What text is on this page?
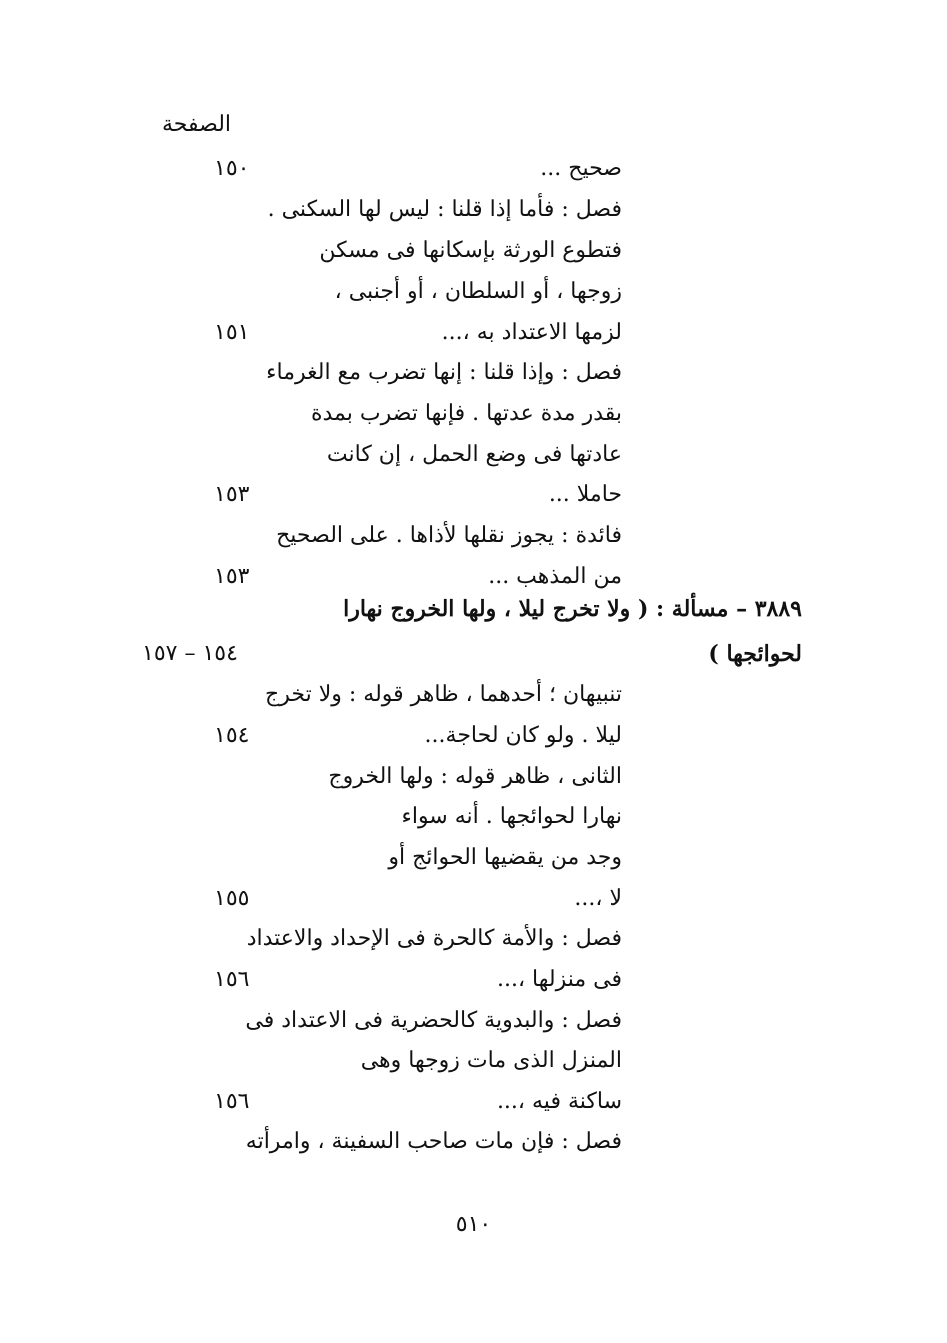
الصفحة
صحيح ...
١٥٠
فصل : فأما إذا قلنا : ليس لها السكنى .
فتطوع الورثة بإسكانها فى مسكن
زوجها ، أو السلطان ، أو أجنبى ،
لزمها الاعتداد به ،...
١٥١
فصل : وإذا قلنا : إنها تضرب مع الغرماء
بقدر مدة عدتها . فإنها تضرب بمدة
عادتها فى وضع الحمل ، إن كانت
حاملا ...
١٥٣
فائدة : يجوز نقلها لأذاها . على الصحيح
من المذهب ...
١٥٣
٣٨٨٩ – مسألة : ( ولا تخرج ليلا ، ولها الخروج نهارا
لحوائجها )
١٥٤ – ١٥٧
تنبيهان ؛ أحدهما ، ظاهر قوله : ولا تخرج
ليلا . ولو كان لحاجة...
١٥٤
الثانى ، ظاهر قوله : ولها الخروج
نهارا لحوائجها . أنه سواء
وجد من يقضيها الحوائج أو
لا ،...
١٥٥
فصل : والأمة كالحرة فى الإحداد والاعتداد
فى منزلها ،...
١٥٦
فصل : والبدوية كالحضرية فى الاعتداد فى
المنزل الذى مات زوجها وهى
ساكنة فيه ،...
١٥٦
فصل : فإن مات صاحب السفينة ، وامرأته
٥١٠
